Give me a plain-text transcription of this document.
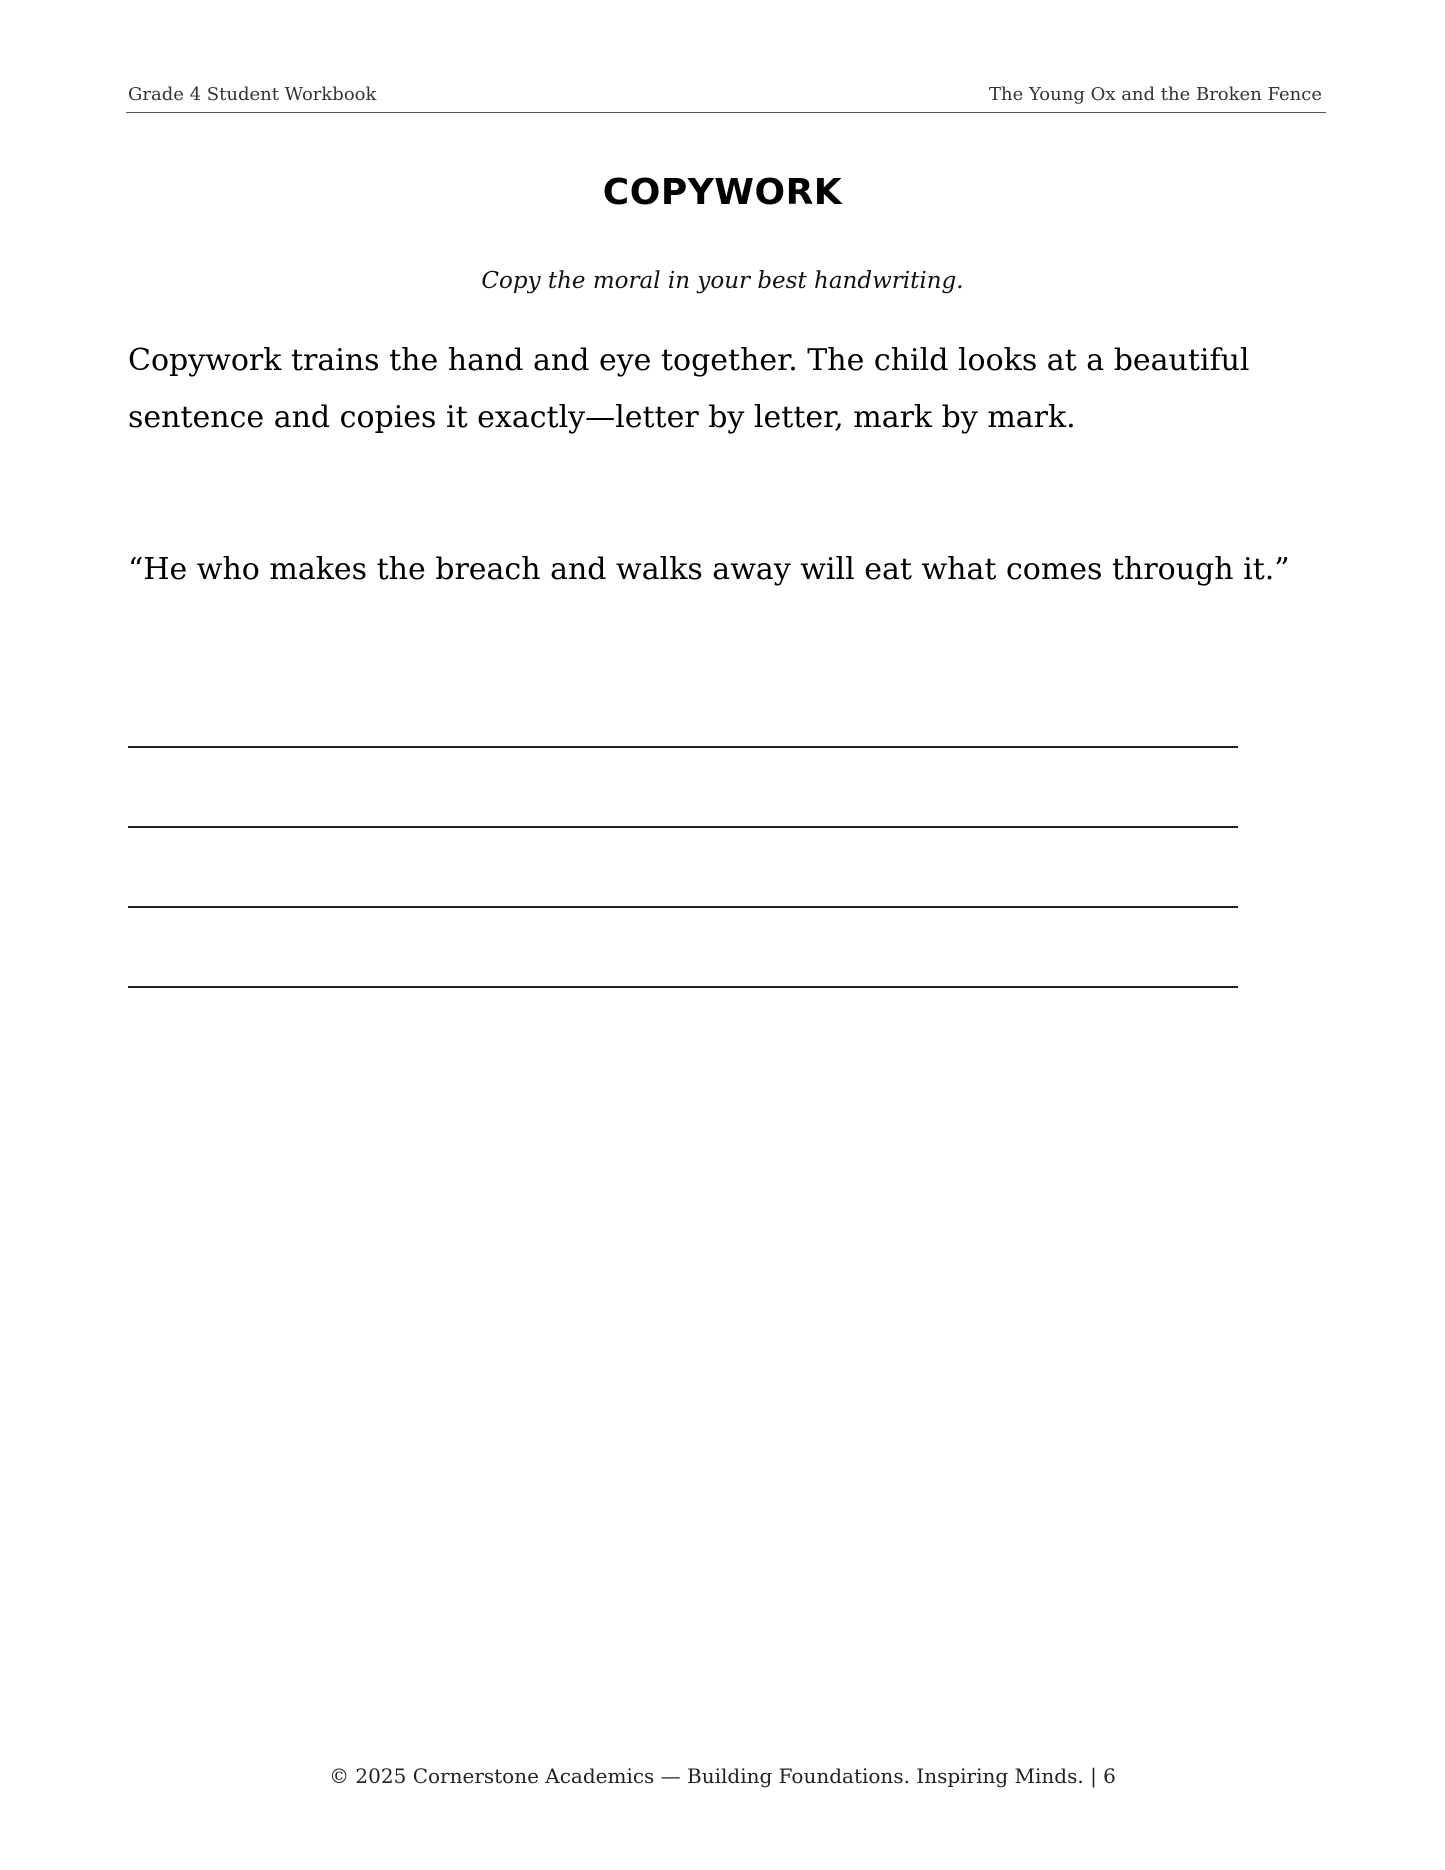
Grade 4 Student Workbook	The Young Ox and the Broken Fence
COPYWORK
Copy the moral in your best handwriting.
Copywork trains the hand and eye together. The child looks at a beautiful sentence and copies it exactly—letter by letter, mark by mark.
“He who makes the breach and walks away will eat what comes through it.”
© 2025 Cornerstone Academics — Building Foundations. Inspiring Minds. | 6
